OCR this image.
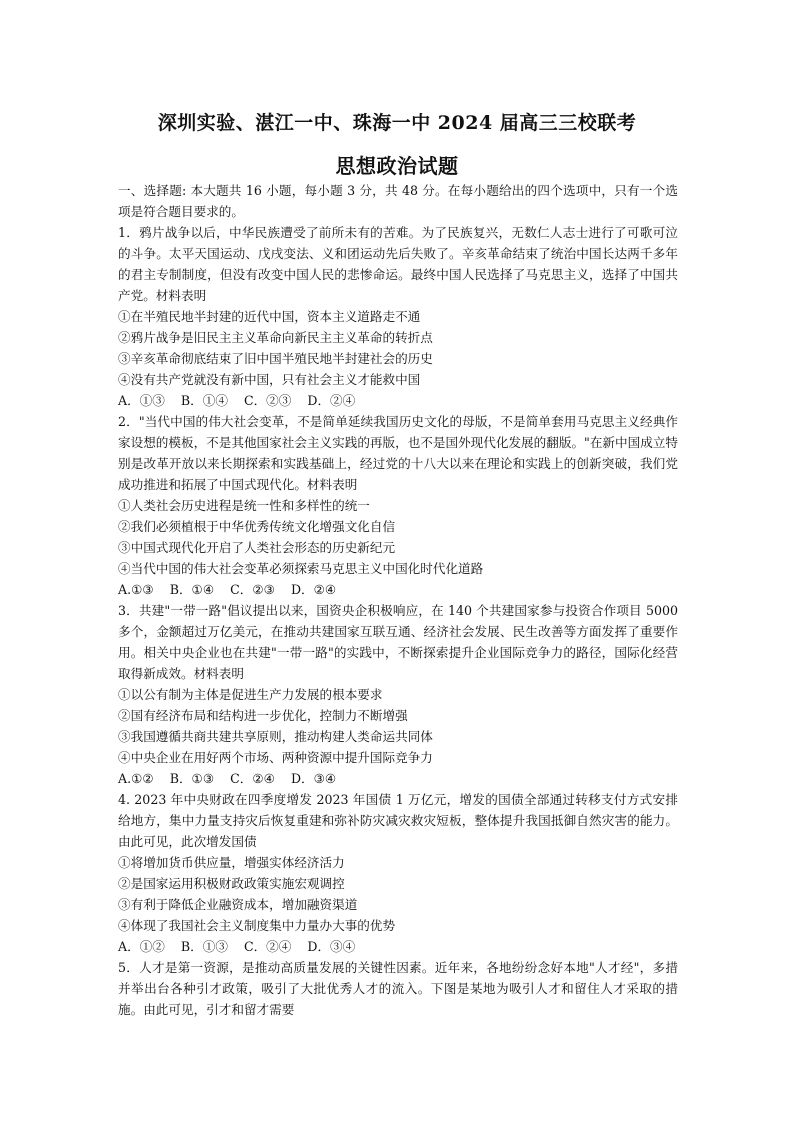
深圳实验、湛江一中、珠海一中 2024 届高三三校联考
思想政治试题

一、选择题: 本大题共 16 小题，每小题 3 分，共 48 分。在每小题给出的四个选项中，只有一个选项是符合题目要求的。

1．鸦片战争以后，中华民族遭受了前所未有的苦难。为了民族复兴，无数仁人志士进行了可歌可泣的斗争。太平天国运动、戊戌变法、义和团运动先后失败了。辛亥革命结束了统治中国长达两千多年的君主专制制度，但没有改变中国人民的悲惨命运。最终中国人民选择了马克思主义，选择了中国共产党。材料表明

①在半殖民地半封建的近代中国，资本主义道路走不通

②鸦片战争是旧民主主义革命向新民主主义革命的转折点

③辛亥革命彻底结束了旧中国半殖民地半封建社会的历史

④没有共产党就没有新中国，只有社会主义才能救中国

A．①③    B．①④    C．②③    D．②④

2．"当代中国的伟大社会变革，不是简单延续我国历史文化的母版，不是简单套用马克思主义经典作家设想的模板，不是其他国家社会主义实践的再版，也不是国外现代化发展的翻版。"在新中国成立特别是改革开放以来长期探索和实践基础上，经过党的十八大以来在理论和实践上的创新突破，我们党成功推进和拓展了中国式现代化。材料表明

①人类社会历史进程是统一性和多样性的统一

②我们必须植根于中华优秀传统文化增强文化自信

③中国式现代化开启了人类社会形态的历史新纪元

④当代中国的伟大社会变革必须探索马克思主义中国化时代化道路

A.①③    B．①④    C．②③    D．②④

3．共建"一带一路"倡议提出以来，国资央企积极响应，在 140 个共建国家参与投资合作项目 5000 多个，金额超过万亿美元，在推动共建国家互联互通、经济社会发展、民生改善等方面发挥了重要作用。相关中央企业也在共建"一带一路"的实践中，不断探索提升企业国际竞争力的路径，国际化经营取得新成效。材料表明

①以公有制为主体是促进生产力发展的根本要求

②国有经济布局和结构进一步优化，控制力不断增强

③我国遵循共商共建共享原则，推动构建人类命运共同体

④中央企业在用好两个市场、两种资源中提升国际竞争力

A.①②    B．①③    C．②④    D．③④

4. 2023 年中央财政在四季度增发 2023 年国债 1 万亿元，增发的国债全部通过转移支付方式安排给地方，集中力量支持灾后恢复重建和弥补防灾减灾救灾短板，整体提升我国抵御自然灾害的能力。由此可见，此次增发国债

①将增加货币供应量，增强实体经济活力

②是国家运用积极财政政策实施宏观调控

③有利于降低企业融资成本，增加融资渠道

④体现了我国社会主义制度集中力量办大事的优势

A．①②    B．①③    C．②④    D．③④

5．人才是第一资源，是推动高质量发展的关键性因素。近年来，各地纷纷念好本地"人才经"，多措并举出台各种引才政策，吸引了大批优秀人才的流入。下图是某地为吸引人才和留住人才采取的措施。由此可见，引才和留才需要
